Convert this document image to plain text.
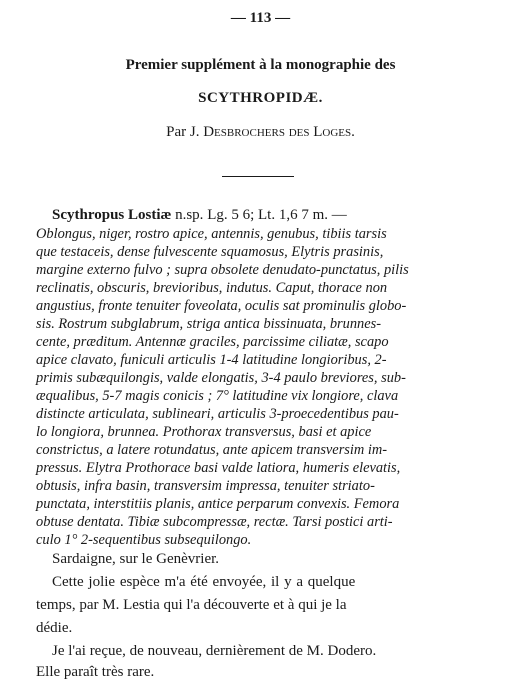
— 113 —
Premier supplément à la monographie des
SCYTHROPIDÆ.
Par J. Desbrochers des Loges.
Scythropus Lostiæ n.sp. Lg. 5 6; Lt. 1,6 7 m. —
Oblongus, niger, rostro apice, antennis, genubus, tibiis tarsis
que testaceis, dense fulvescente squamosus, Elytris prasinis,
margine externo fulvo ; supra obsolete denudato-punctatus, pilis
reclinatis, obscuris, brevioribus, indutus. Caput, thorace non
angustius, fronte tenuiter foveolata, oculis sat prominulis globo-
sis. Rostrum subglabrum, striga antica bissinuata, brunnes-
cente, præditum. Antennæ graciles, parcissime ciliatæ, scapo
apice clavato, funiculi articulis 1-4 latitudine longioribus, 2-
primis subæquilongis, valde elongatis, 3-4 paulo breviores, sub-
æqualibus, 5-7 magis conicis ; 7° latitudine vix longiore, clava
distincte articulata, sublineari, articulis 3-proecedentibus pau-
lo longiora, brunnea. Prothorax transversus, basi et apice
constrictus, a latere rotundatus, ante apicem transversim im-
pressus. Elytra Prothorace basi valde latiora, humeris elevatis,
obtusis, infra basin, transversim impressa, tenuiter striato-
punctata, interstitiis planis, antice perparum convexis. Femora
obtuse dentata. Tibiæ subcompressæ, rectæ. Tarsi postici arti-
culo 1° 2-sequentibus subsequilongo.
Sardaigne, sur le Genèvrier.
Cette jolie espèce m'a été envoyée, il y a quelque
temps, par M. Lestia qui l'a découverte et à qui je la
dédie.
Je l'ai reçue, de nouveau, dernièrement de M. Dodero.
Elle paraît très rare.
